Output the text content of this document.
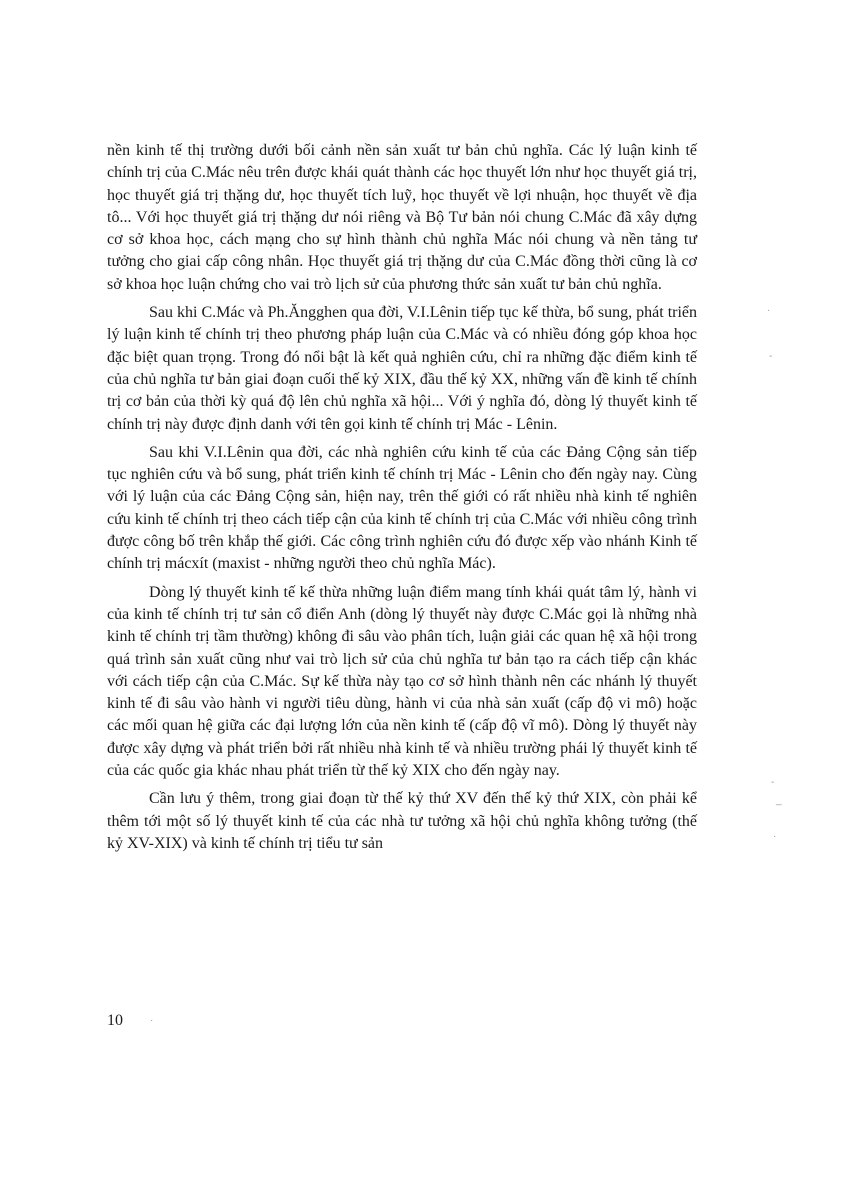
nền kinh tế thị trường dưới bối cảnh nền sản xuất tư bản chủ nghĩa. Các lý luận kinh tế chính trị của C.Mác nêu trên được khái quát thành các học thuyết lớn như học thuyết giá trị, học thuyết giá trị thặng dư, học thuyết tích luỹ, học thuyết về lợi nhuận, học thuyết về địa tô... Với học thuyết giá trị thặng dư nói riêng và Bộ Tư bản nói chung C.Mác đã xây dựng cơ sở khoa học, cách mạng cho sự hình thành chủ nghĩa Mác nói chung và nền tảng tư tưởng cho giai cấp công nhân. Học thuyết giá trị thặng dư của C.Mác đồng thời cũng là cơ sở khoa học luận chứng cho vai trò lịch sử của phương thức sản xuất tư bản chủ nghĩa.

Sau khi C.Mác và Ph.Ăngghen qua đời, V.I.Lênin tiếp tục kế thừa, bổ sung, phát triển lý luận kinh tế chính trị theo phương pháp luận của C.Mác và có nhiều đóng góp khoa học đặc biệt quan trọng. Trong đó nổi bật là kết quả nghiên cứu, chỉ ra những đặc điểm kinh tế của chủ nghĩa tư bản giai đoạn cuối thế kỷ XIX, đầu thế kỷ XX, những vấn đề kinh tế chính trị cơ bản của thời kỳ quá độ lên chủ nghĩa xã hội... Với ý nghĩa đó, dòng lý thuyết kinh tế chính trị này được định danh với tên gọi kinh tế chính trị Mác - Lênin.

Sau khi V.I.Lênin qua đời, các nhà nghiên cứu kinh tế của các Đảng Cộng sản tiếp tục nghiên cứu và bổ sung, phát triển kinh tế chính trị Mác - Lênin cho đến ngày nay. Cùng với lý luận của các Đảng Cộng sản, hiện nay, trên thế giới có rất nhiều nhà kinh tế nghiên cứu kinh tế chính trị theo cách tiếp cận của kinh tế chính trị của C.Mác với nhiều công trình được công bố trên khắp thế giới. Các công trình nghiên cứu đó được xếp vào nhánh Kinh tế chính trị mácxít (maxist - những người theo chủ nghĩa Mác).

Dòng lý thuyết kinh tế kế thừa những luận điểm mang tính khái quát tâm lý, hành vi của kinh tế chính trị tư sản cổ điển Anh (dòng lý thuyết này được C.Mác gọi là những nhà kinh tế chính trị tầm thường) không đi sâu vào phân tích, luận giải các quan hệ xã hội trong quá trình sản xuất cũng như vai trò lịch sử của chủ nghĩa tư bản tạo ra cách tiếp cận khác với cách tiếp cận của C.Mác. Sự kế thừa này tạo cơ sở hình thành nên các nhánh lý thuyết kinh tế đi sâu vào hành vi người tiêu dùng, hành vi của nhà sản xuất (cấp độ vi mô) hoặc các mối quan hệ giữa các đại lượng lớn của nền kinh tế (cấp độ vĩ mô). Dòng lý thuyết này được xây dựng và phát triển bởi rất nhiều nhà kinh tế và nhiều trường phái lý thuyết kinh tế của các quốc gia khác nhau phát triển từ thế kỷ XIX cho đến ngày nay.

Cần lưu ý thêm, trong giai đoạn từ thế kỷ thứ XV đến thế kỷ thứ XIX, còn phải kể thêm tới một số lý thuyết kinh tế của các nhà tư tưởng xã hội chủ nghĩa không tưởng (thế kỷ XV-XIX) và kinh tế chính trị tiểu tư sản

10
·
-
-
_
·
·
